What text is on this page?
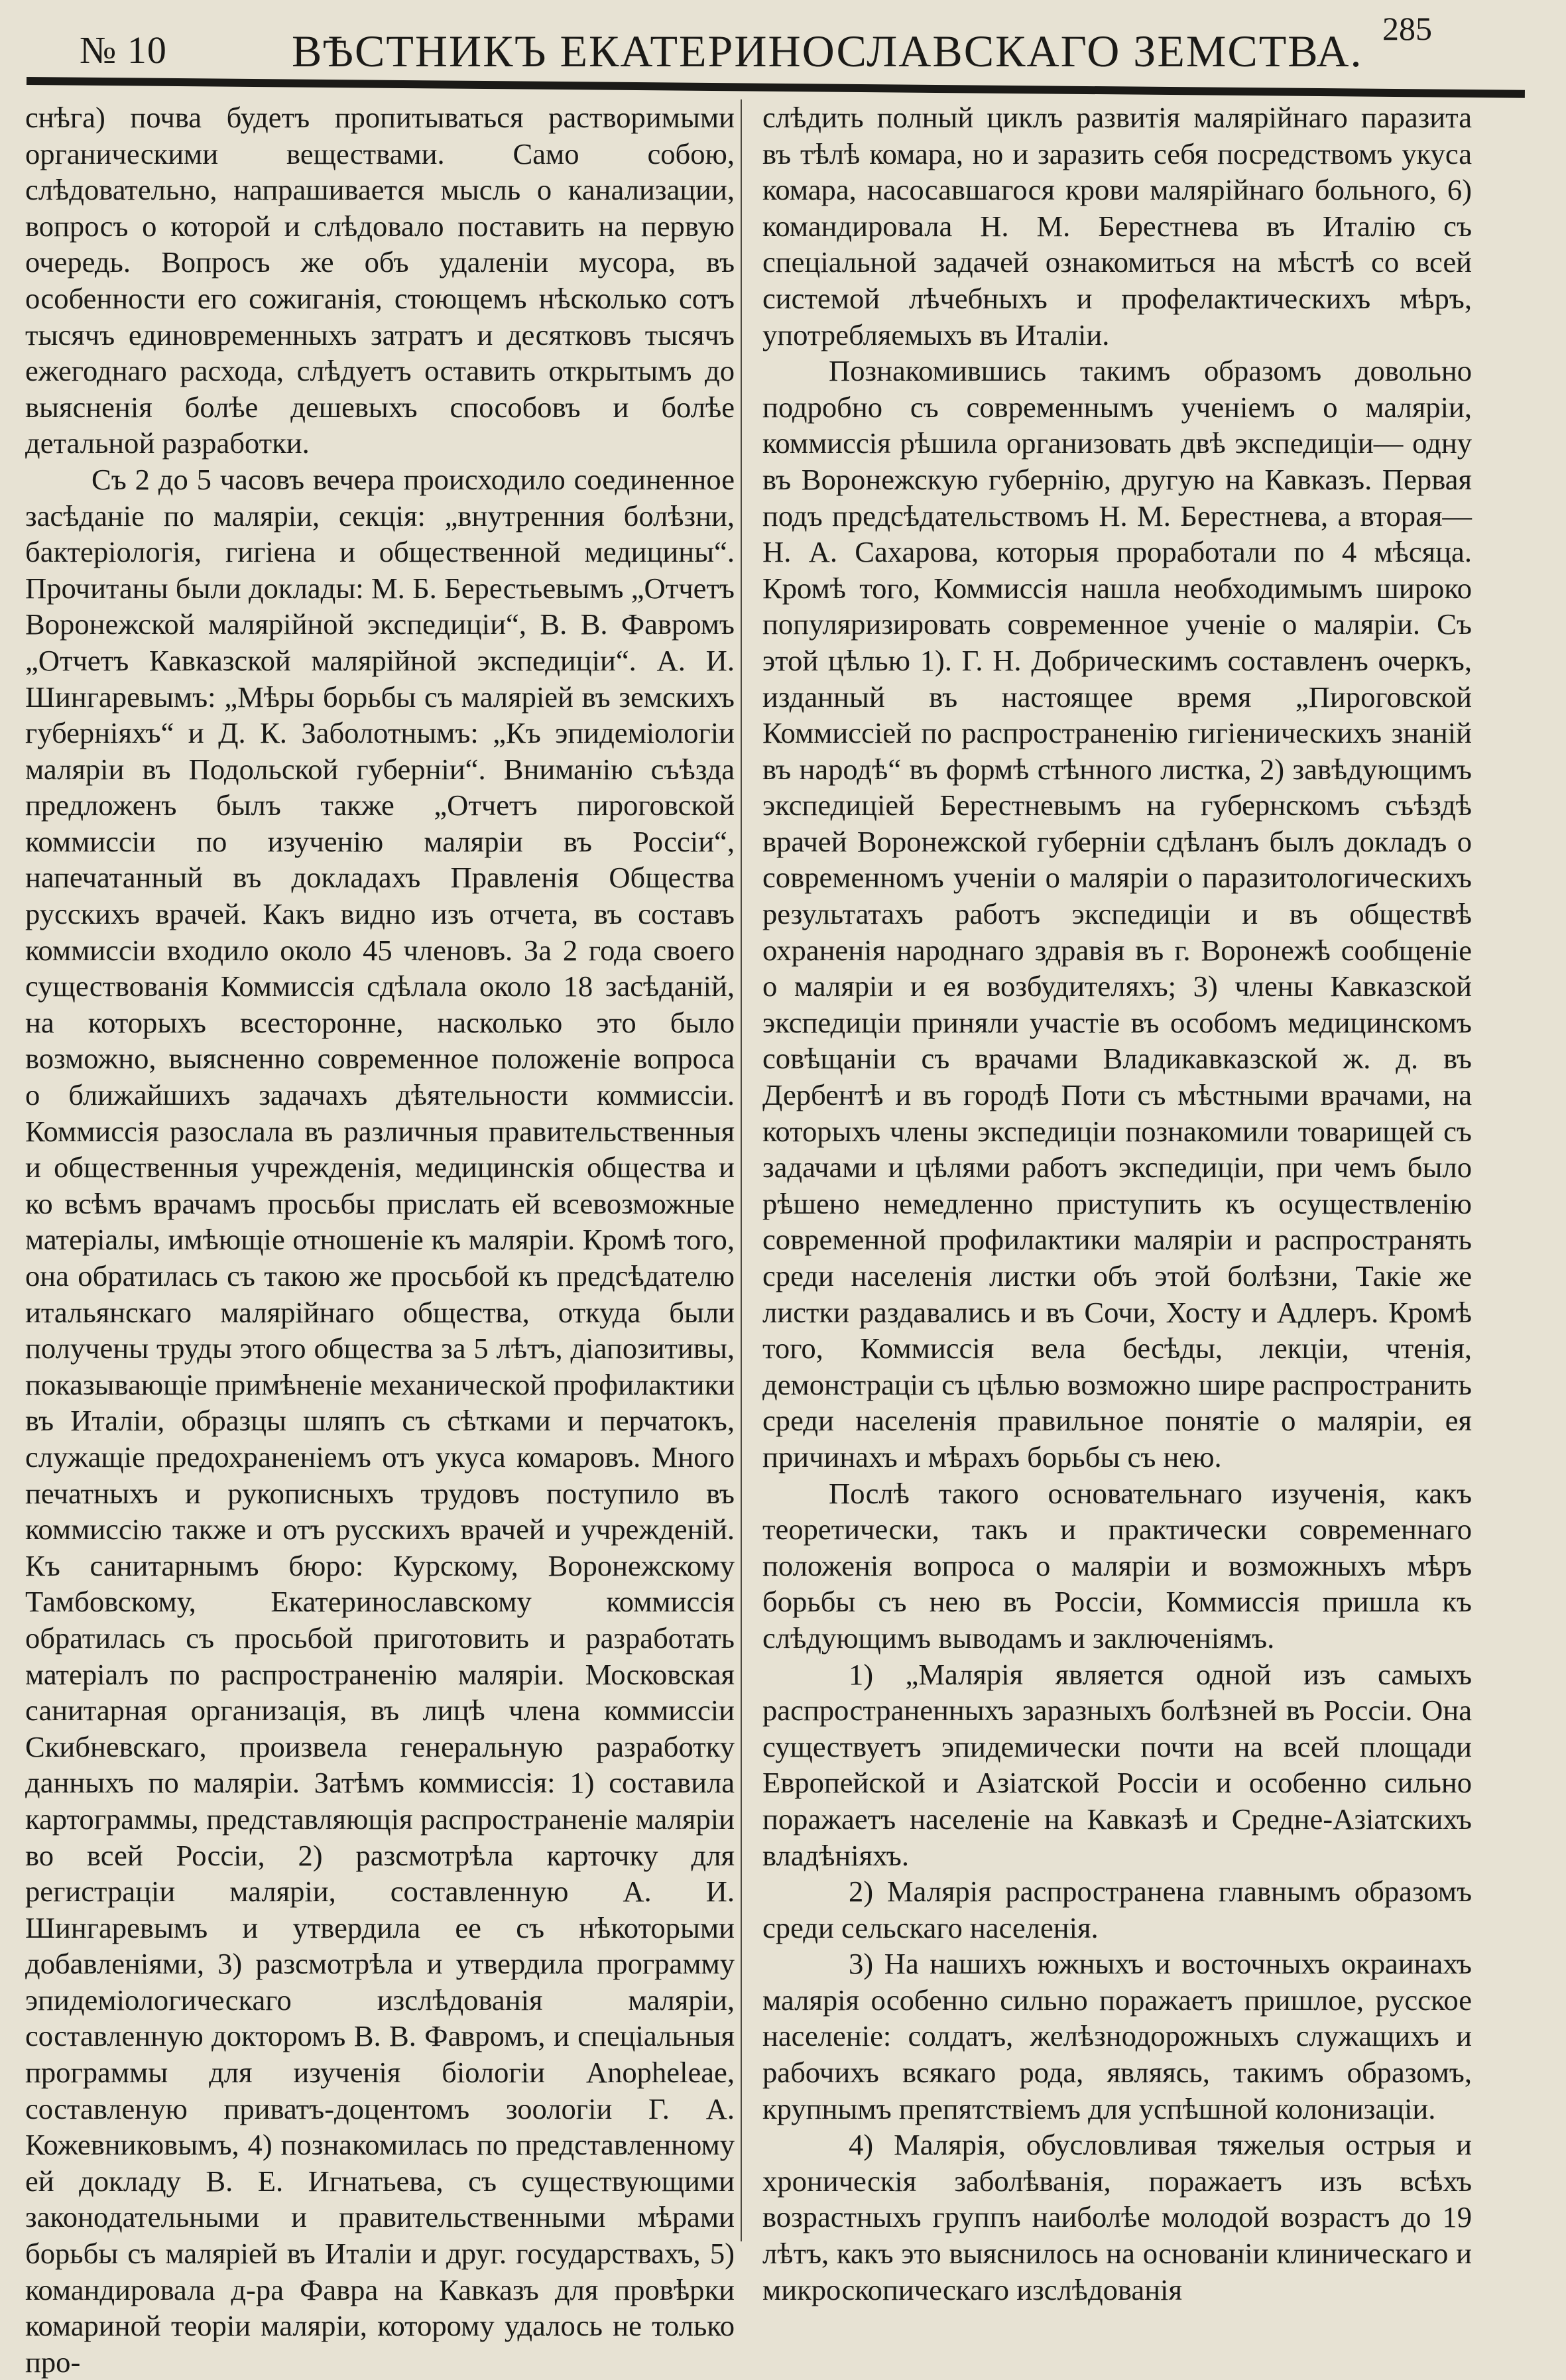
№ 10	ВѢСТНИКЪ ЕКАТЕРИНОСЛАВСКАГО ЗЕМСТВА. 285

снѣга) почва будетъ пропитываться растворимыми органическими веществами. Само собою, слѣдовательно, напрашивается мысль о канализации, вопросъ о которой и слѣдовало поставить на первую очередь. Вопросъ же объ удаленіи мусора, въ особенности его сожиганія, стоющемъ нѣсколько сотъ тысячъ единовременныхъ затратъ и десятковъ тысячъ ежегоднаго расхода, слѣдуетъ оставить открытымъ до выясненія болѣе дешевыхъ способовъ и болѣе детальной разработки.

Съ 2 до 5 часовъ вечера происходило соединенное засѣданіе по малярiи, секція: „внутренния болѣзни, бактеріологія, гигіена и общественной медицины“. Прочитаны были доклады: М. Б. Берестьевымъ „Отчетъ Воронежской малярійной экспедиціи“, В. В. Фавромъ „Отчетъ Кавказской малярійной экспедиціи“. А. И. Шингаревымъ: „Мѣры борьбы съ малярiей въ земскихъ губерніяхъ“ и Д. К. Заболотнымъ: „Къ эпидеміологіи малярiи въ Подольской губерніи“. Вниманію съѣзда предложенъ былъ также „Отчетъ пироговской коммиссіи по изученію малярiи въ Россіи“, напечатанный въ докладахъ Правленія Общества русскихъ врачей. Какъ видно изъ отчета, въ составъ коммиссіи входило около 45 членовъ. За 2 года своего существованія Коммиссія сдѣлала около 18 засѣданій, на которыхъ всесторонне, насколько это было возможно, выясненно современное положеніе вопроса о ближайшихъ задачахъ дѣятельности коммиссіи. Коммиссія разослала въ различныя правительственныя и общественныя учрежденія, медицинскія общества и ко всѣмъ врачамъ просьбы прислать ей всевозможные матеріалы, имѣющіе отношеніе къ малярiи. Кромѣ того, она обратилась съ такою же просьбой къ предсѣдателю итальянскаго малярійнаго общества, откуда были получены труды этого общества за 5 лѣтъ, діапозитивы, показывающіе примѣненіе механической профилактики въ Италіи, образцы шляпъ съ сѣтками и перчатокъ, служащіе предохраненіемъ отъ укуса комаровъ. Много печатныхъ и рукописныхъ трудовъ поступило въ коммиссію также и отъ русскихъ врачей и учрежденій. Къ санитарнымъ бюро: Курскому, Воронежскому Тамбовскому, Екатеринославскому коммиссія обратилась съ просьбой приготовить и разработать матеріалъ по распространенію малярiи. Московская санитарная организація, въ лицѣ члена коммиссіи Скибневскаго, произвела генеральную разработку данныхъ по малярiи. Затѣмъ коммиссія: 1) составила картограммы, представляющія распространеніе малярiи во всей Россіи, 2) разсмотрѣла карточку для регистраціи малярiи, составленную А. И. Шингаревымъ и утвердила ее съ нѣкоторыми добавленіями, 3) разсмотрѣла и утвердила программу эпидеміологическаго изслѣдованія малярiи, составленную докторомъ В. В. Фавромъ, и спеціальныя программы для изученія біологіи Anopheleae, составленую приватъ-доцентомъ зоологіи Г. А. Кожевниковымъ, 4) познакомилась по представленному ей докладу В. Е. Игнатьева, съ существующими законодательными и правительственными мѣрами борьбы съ малярiей въ Италіи и друг. государствахъ, 5) командировала д-ра Фавра на Кавказъ для провѣрки комариной теоріи малярiи, которому удалось не только про-

слѣдить полный циклъ развитія малярійнаго паразита въ тѣлѣ комара, но и заразить себя посредствомъ укуса комара, насосавшагося крови малярійнаго больного, 6) командировала Н. М. Берестнева въ Италію съ спеціальной задачей ознакомиться на мѣстѣ со всей системой лѣчебныхъ и профелактическихъ мѣръ, употребляемыхъ въ Италіи.

Познакомившись такимъ образомъ довольно подробно съ современнымъ ученіемъ о малярiи, коммиссія рѣшила организовать двѣ экспедиціи— одну въ Воронежскую губернію, другую на Кавказъ. Первая подъ предсѣдательствомъ Н. М. Берестнева, а вторая—Н. А. Сахарова, которыя проработали по 4 мѣсяца. Кромѣ того, Коммиссія нашла необходимымъ широко популяризировать современное ученіе о малярiи. Съ этой цѣлью 1). Г. Н. Добрическимъ составленъ очеркъ, изданный въ настоящее время „Пироговской Коммиссіей по распространенію гигіеническихъ знаній въ народѣ“ въ формѣ стѣнного листка, 2) завѣдующимъ экспедиціей Берестневымъ на губернскомъ съѣздѣ врачей Воронежской губерніи сдѣланъ былъ докладъ о современномъ ученіи о малярiи о паразитологическихъ результатахъ работъ экспедиціи и въ обществѣ охраненія народнаго здравія въ г. Воронежѣ сообщеніе о малярiи и ея возбудителяхъ; 3) члены Кавказской экспедиціи приняли участіе въ особомъ медицинскомъ совѣщаніи съ врачами Владикавказской ж. д. въ Дербентѣ и въ городѣ Поти съ мѣстными врачами, на которыхъ члены экспедиціи познакомили товарищей съ задачами и цѣлями работъ экспедиціи, при чемъ было рѣшено немедленно приступить къ осуществленію современной профилактики малярiи и распространять среди населенія листки объ этой болѣзни, Такіе же листки раздавались и въ Сочи, Хосту и Адлеръ. Кромѣ того, Коммиссія вела бесѣды, лекціи, чтенія, демонстраціи съ цѣлью возможно шире распространить среди населенія правильное понятіе о малярiи, ея причинахъ и мѣрахъ борьбы съ нею.

Послѣ такого основательнаго изученія, какъ теоретически, такъ и практически современнаго положенія вопроса о малярiи и возможныхъ мѣръ борьбы съ нею въ Россіи, Коммиссія пришла къ слѣдующимъ выводамъ и заключеніямъ.

1) „Малярія является одной изъ самыхъ распространенныхъ заразныхъ болѣзней въ Россіи. Она существуетъ эпидемически почти на всей площади Европейской и Азіатской Россіи и особенно сильно поражаетъ населеніе на Кавказѣ и Средне-Азіатскихъ владѣніяхъ.

2) Малярія распространена главнымъ образомъ среди сельскаго населенія.

3) На нашихъ южныхъ и восточныхъ окраинахъ малярія особенно сильно поражаетъ пришлое, русское населеніе: солдатъ, желѣзнодорожныхъ служащихъ и рабочихъ всякаго рода, являясь, такимъ образомъ, крупнымъ препятствіемъ для успѣшной колонизаціи.

4) Малярія, обусловливая тяжелыя острыя и хроническія заболѣванія, поражаетъ изъ всѣхъ возрастныхъ группъ наиболѣе молодой возрастъ до 19 лѣтъ, какъ это выяснилось на основаніи клиническаго и микроскопическаго изслѣдованія
